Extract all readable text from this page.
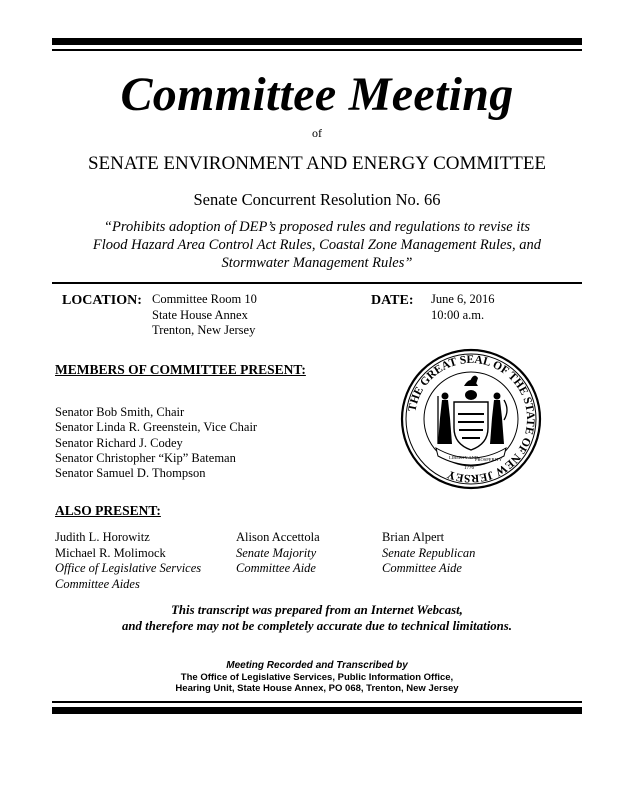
Committee Meeting
of
SENATE ENVIRONMENT AND ENERGY COMMITTEE
Senate Concurrent Resolution No. 66
“Prohibits adoption of DEP’s proposed rules and regulations to revise its
Flood Hazard Area Control Act Rules, Coastal Zone Management Rules, and
Stormwater Management Rules”
LOCATION: Committee Room 10
State House Annex
Trenton, New Jersey
DATE: June 6, 2016
10:00 a.m.
MEMBERS OF COMMITTEE PRESENT:
Senator Bob Smith, Chair
Senator Linda R. Greenstein, Vice Chair
Senator Richard J. Codey
Senator Christopher “Kip” Bateman
Senator Samuel D. Thompson
THE GREAT SEAL OF THE STATE OF NEW JERSEY
LIBERTY AND
PROSPERITY
1776
ALSO PRESENT:
Judith L. Horowitz
Michael R. Molimock
Office of Legislative Services
Committee Aides
Alison Accettola
Senate Majority
Committee Aide
Brian Alpert
Senate Republican
Committee Aide
This transcript was prepared from an Internet Webcast,
and therefore may not be completely accurate due to technical limitations.
Meeting Recorded and Transcribed by
The Office of Legislative Services, Public Information Office,
Hearing Unit, State House Annex, PO 068, Trenton, New Jersey
